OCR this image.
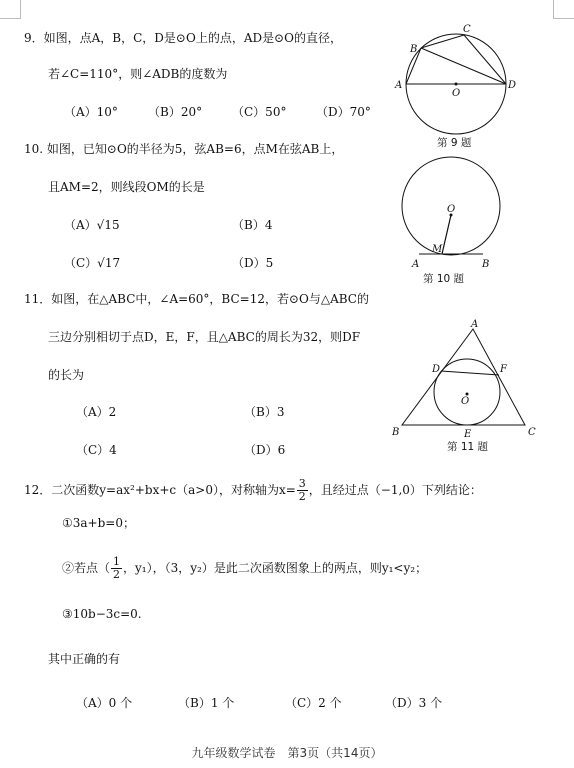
9．如图，点A，B，C，D是⊙O上的点，AD是⊙O的直径，
若∠C=110°，则∠ADB的度数为
（A）10°	（B）20° （C）50° （D）70°
A
B
C
D
O
第 9 题
10. 如图，已知⊙O的半径为5，弦AB=6，点M在弦AB上，
且AM=2，则线段OM的长是
（A）√15	（B）4
（C）√17	（D）5
O
M
A	B
第 10 题
11．如图，在△ABC中，∠A=60°，BC=12，若⊙O与△ABC的
三边分别相切于点D，E，F，且△ABC的周长为32，则DF
的长为
（A）2	（B）3
（C）4	（D）6
A
B	C
D
E
F
O
第 11 题
12．二次函数y=ax²+bx+c（a>0），对称轴为$x= \frac{3}{2}$ ，且经过点（−1,0）下列结论：
①3a+b=0；
②若点（ $\frac{1}{2}$ ，y₁），（3，y₂）是此二次函数图象上的两点，则y₁<y₂；
③10b−3c=0.
其中正确的有
（A）0 个	（B）1 个	（C）2 个	（D）3 个
九年级数学试卷　第3页（共14页）
